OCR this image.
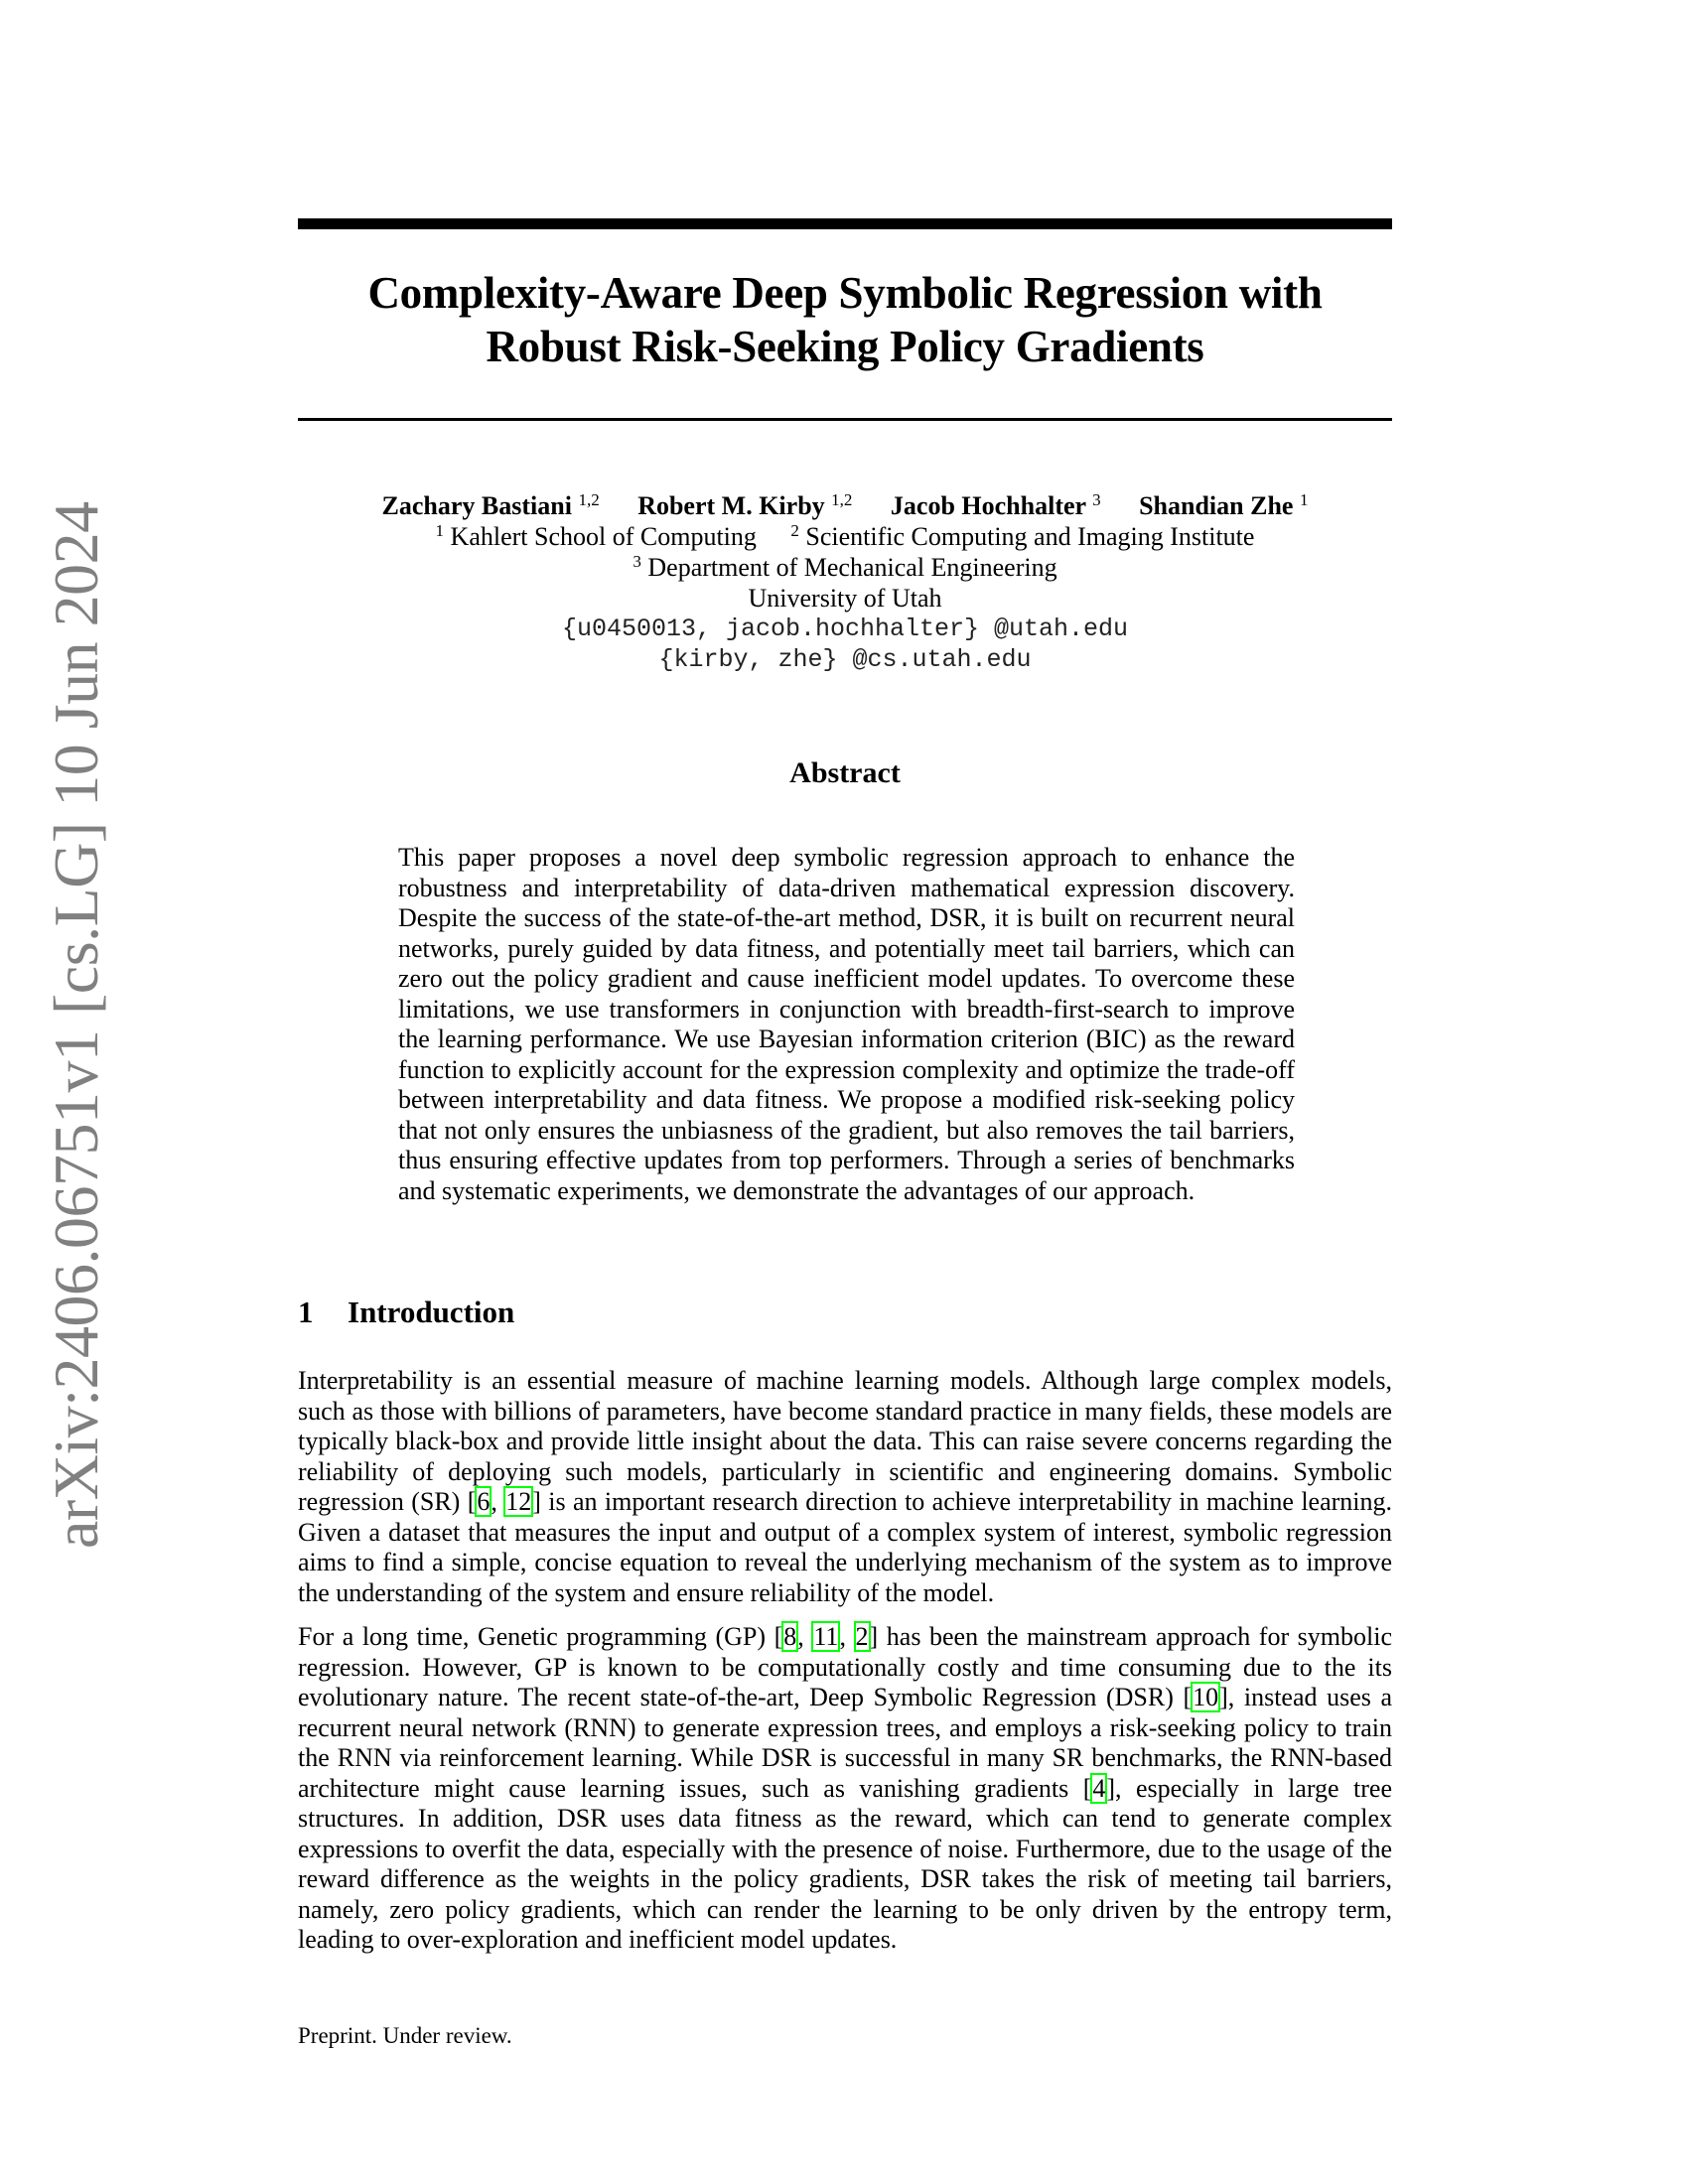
arXiv:2406.06751v1 [cs.LG] 10 Jun 2024
Complexity-Aware Deep Symbolic Regression with
Robust Risk-Seeking Policy Gradients
Zachary Bastiani $^{1,2}$ Robert M. Kirby $^{1,2}$ Jacob Hochhalter $^3$ Shandian Zhe $^1$
$^1$ Kahlert School of Computing $^2$ Scientific Computing and Imaging Institute
$^3$ Department of Mechanical Engineering
University of Utah
{u0450013, jacob.hochhalter} @utah.edu
{kirby, zhe} @cs.utah.edu
Abstract
This paper proposes a novel deep symbolic regression approach to enhance the robustness and interpretability of data-driven mathematical expression discovery. Despite the success of the state-of-the-art method, DSR, it is built on recurrent neural networks, purely guided by data fitness, and potentially meet tail barriers, which can zero out the policy gradient and cause inefficient model updates. To overcome these limitations, we use transformers in conjunction with breadth-first-search to improve the learning performance. We use Bayesian information criterion (BIC) as the reward function to explicitly account for the expression complexity and optimize the trade-off between interpretability and data fitness. We propose a modified risk-seeking policy that not only ensures the unbiasness of the gradient, but also removes the tail barriers, thus ensuring effective updates from top performers. Through a series of benchmarks and systematic experiments, we demonstrate the advantages of our approach.
1 Introduction
Interpretability is an essential measure of machine learning models. Although large complex models, such as those with billions of parameters, have become standard practice in many fields, these models are typically black-box and provide little insight about the data. This can raise severe concerns regarding the reliability of deploying such models, particularly in scientific and engineering domains. Symbolic regression (SR) [6, 12] is an important research direction to achieve interpretability in machine learning. Given a dataset that measures the input and output of a complex system of interest, symbolic regression aims to find a simple, concise equation to reveal the underlying mechanism of the system as to improve the understanding of the system and ensure reliability of the model.
For a long time, Genetic programming (GP) [8, 11, 2] has been the mainstream approach for symbolic regression. However, GP is known to be computationally costly and time consuming due to the its evolutionary nature. The recent state-of-the-art, Deep Symbolic Regression (DSR) [10], instead uses a recurrent neural network (RNN) to generate expression trees, and employs a risk-seeking policy to train the RNN via reinforcement learning. While DSR is successful in many SR benchmarks, the RNN-based architecture might cause learning issues, such as vanishing gradients [4], especially in large tree structures. In addition, DSR uses data fitness as the reward, which can tend to generate complex expressions to overfit the data, especially with the presence of noise. Furthermore, due to the usage of the reward difference as the weights in the policy gradients, DSR takes the risk of meeting tail barriers, namely, zero policy gradients, which can render the learning to be only driven by the entropy term, leading to over-exploration and inefficient model updates.
Preprint. Under review.
